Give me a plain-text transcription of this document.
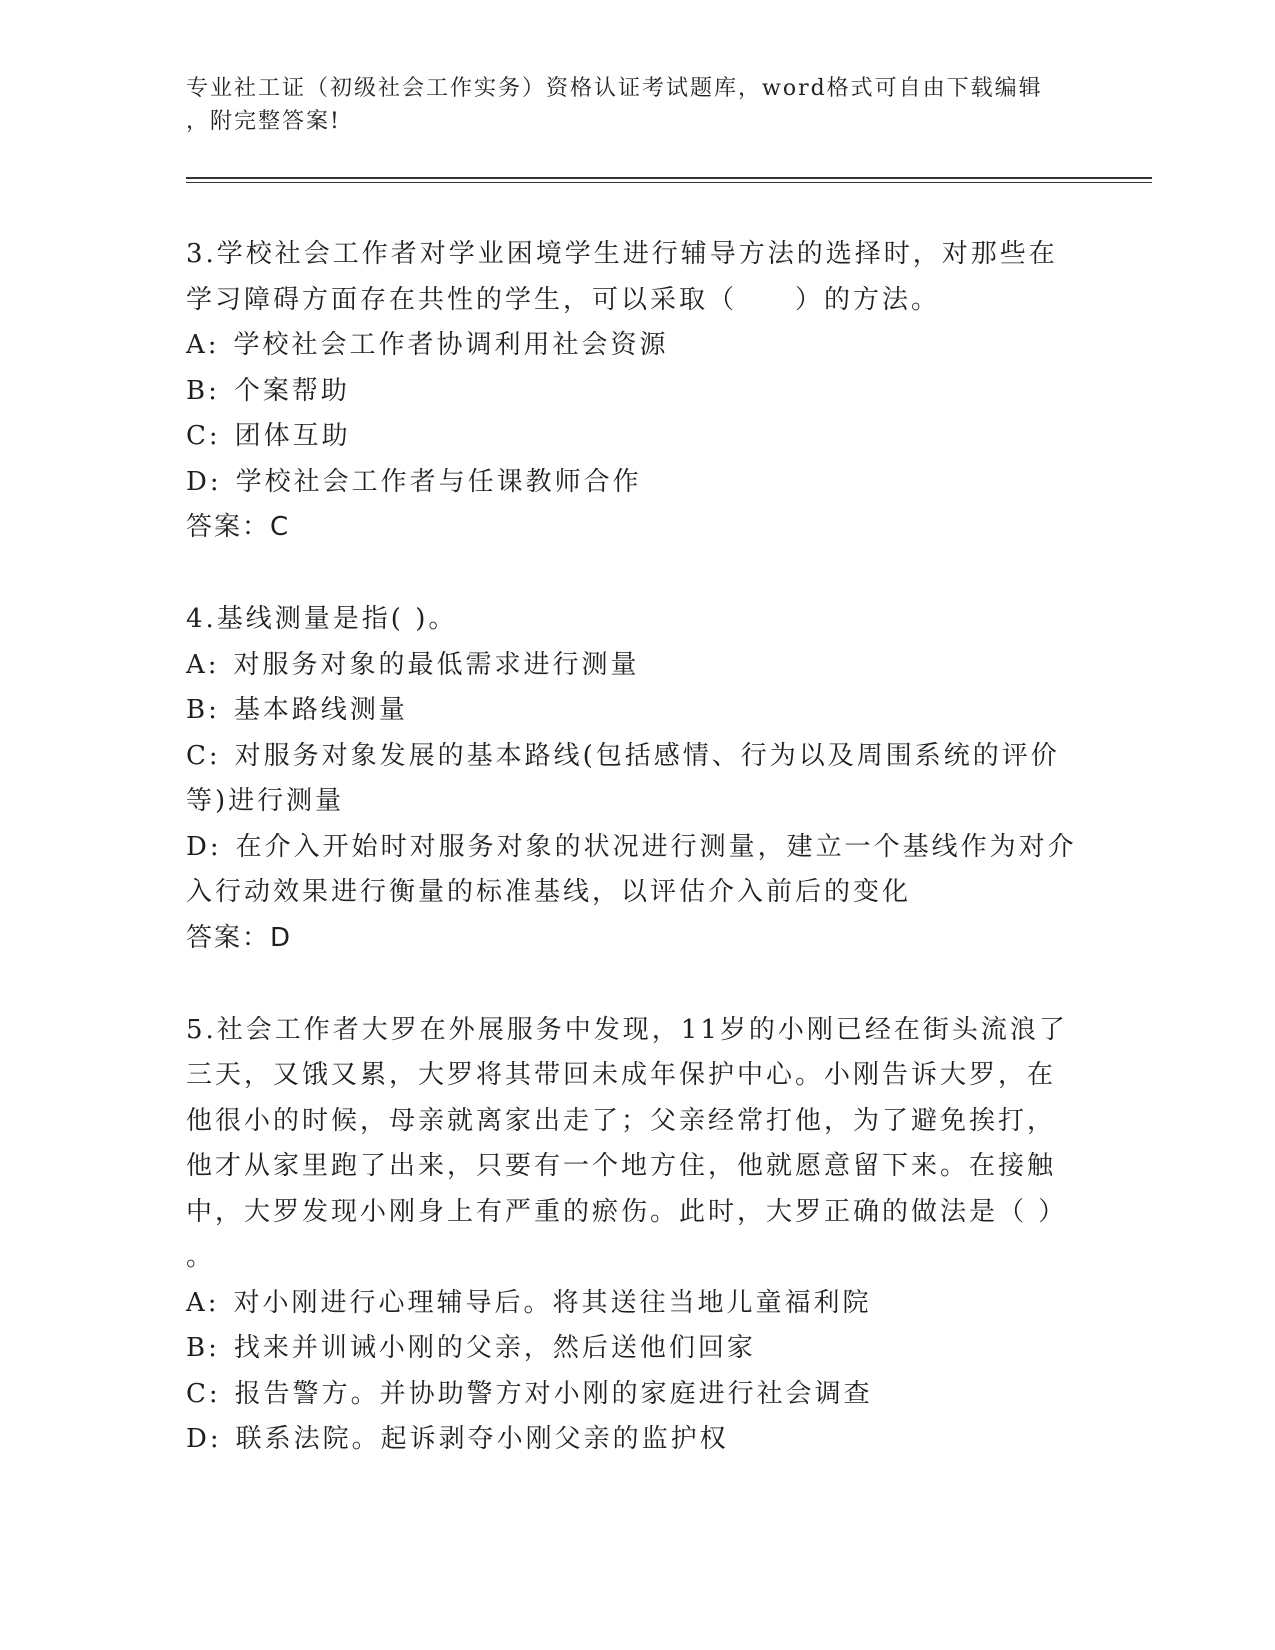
专业社工证（初级社会工作实务）资格认证考试题库，word格式可自由下载编辑
，附完整答案!

3.学校社会工作者对学业困境学生进行辅导方法的选择时，对那些在

学习障碍方面存在共性的学生，可以采取（　　）的方法。

A: 学校社会工作者协调利用社会资源

B: 个案帮助

C: 团体互助

D: 学校社会工作者与任课教师合作

答案：C

4.基线测量是指( )。

A: 对服务对象的最低需求进行测量

B: 基本路线测量

C: 对服务对象发展的基本路线(包括感情、行为以及周围系统的评价

等)进行测量

D: 在介入开始时对服务对象的状况进行测量，建立一个基线作为对介

入行动效果进行衡量的标准基线，以评估介入前后的变化

答案：D

5.社会工作者大罗在外展服务中发现，11岁的小刚已经在街头流浪了

三天，又饿又累，大罗将其带回未成年保护中心。小刚告诉大罗，在

他很小的时候，母亲就离家出走了；父亲经常打他，为了避免挨打，

他才从家里跑了出来，只要有一个地方住，他就愿意留下来。在接触

中，大罗发现小刚身上有严重的瘀伤。此时，大罗正确的做法是（ ）

。

A: 对小刚进行心理辅导后。将其送往当地儿童福利院

B: 找来并训诫小刚的父亲，然后送他们回家

C: 报告警方。并协助警方对小刚的家庭进行社会调查

D: 联系法院。起诉剥夺小刚父亲的监护权
